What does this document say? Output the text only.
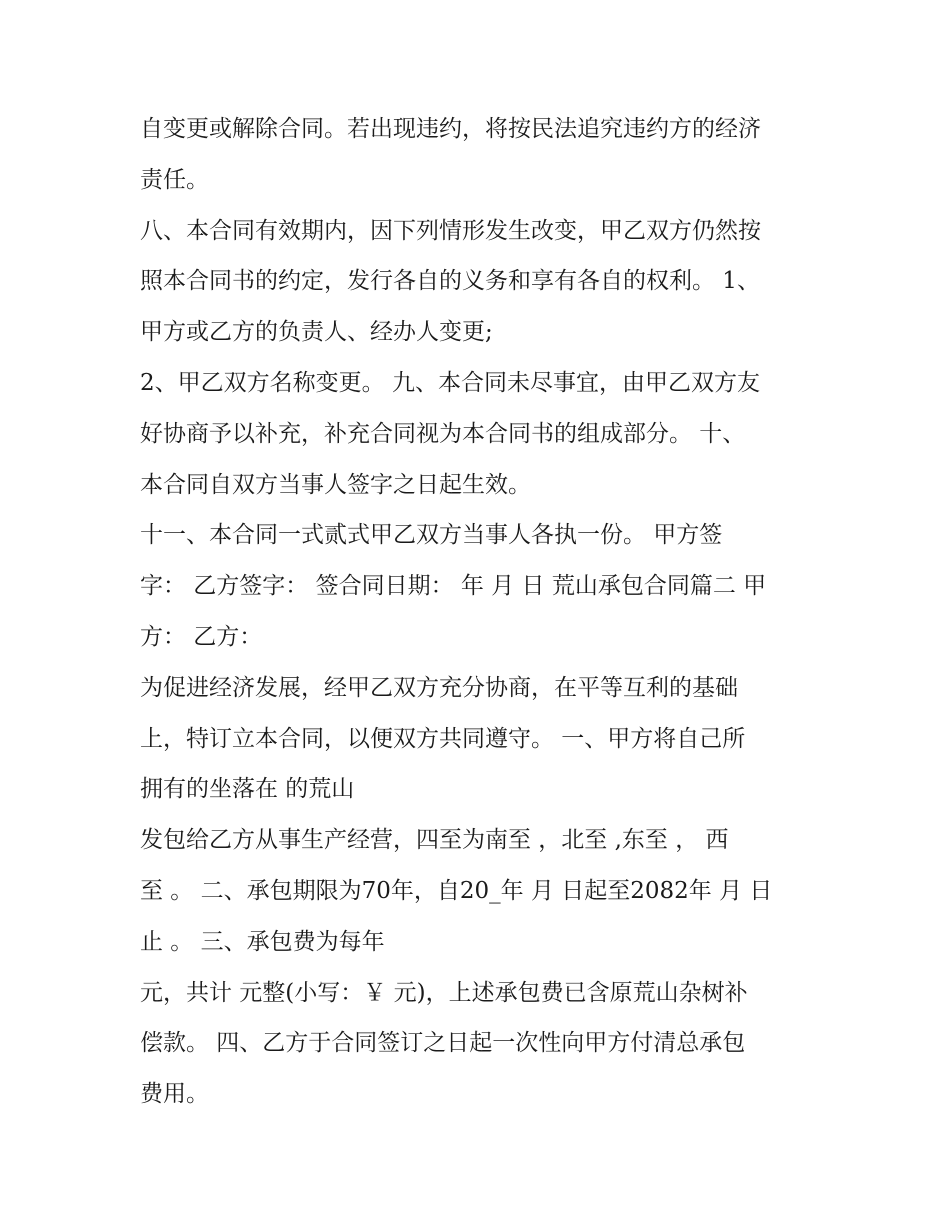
自变更或解除合同。若出现违约，将按民法追究违约方的经济
责任。
八、本合同有效期内，因下列情形发生改变，甲乙双方仍然按
照本合同书的约定，发行各自的义务和享有各自的权利。 1、
甲方或乙方的负责人、经办人变更;
2、甲乙双方名称变更。 九、本合同未尽事宜，由甲乙双方友
好协商予以补充，补充合同视为本合同书的组成部分。 十、
本合同自双方当事人签字之日起生效。
十一、本合同一式贰式甲乙双方当事人各执一份。 甲方签
字： 乙方签字： 签合同日期： 年 月 日 荒山承包合同篇二 甲
方： 乙方：
为促进经济发展，经甲乙双方充分协商，在平等互利的基础
上，特订立本合同，以便双方共同遵守。 一、甲方将自己所
拥有的坐落在 的荒山
发包给乙方从事生产经营，四至为南至 ，北至 ,东至 ， 西
至 。 二、承包期限为70年，自20_年 月 日起至2082年 月 日
止 。 三、承包费为每年
元，共计 元整(小写：￥ 元)，上述承包费已含原荒山杂树补
偿款。 四、乙方于合同签订之日起一次性向甲方付清总承包
费用。
